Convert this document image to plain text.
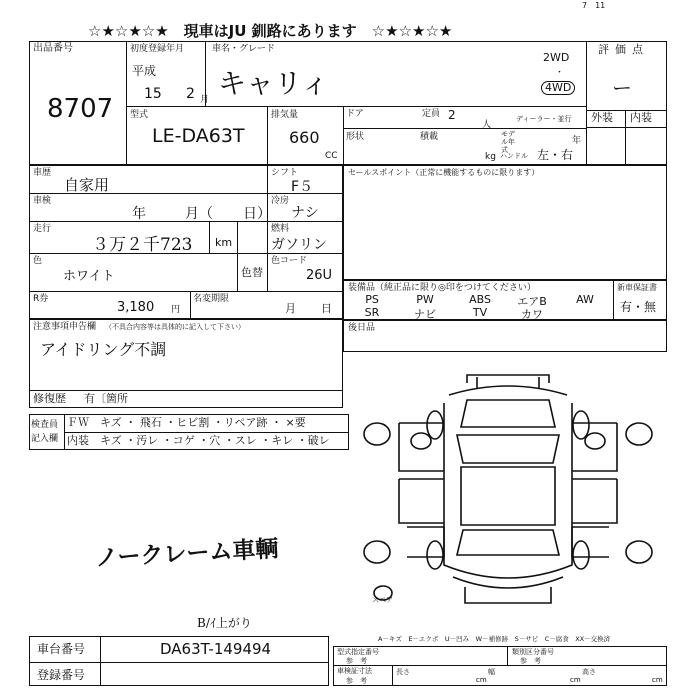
☆★☆★☆★　現車はJU 釧路にあります　☆★☆★☆★
7　11
出品番号
8707
初度登録年月
平成
15 2 月
車名・グレード
キャリィ
2WD
・
4WD
評価点
ー
外装 内装
型式
LE-DA63T
排気量
660
CC
ドア	定員 2
人
ディーラー・並行
形状	積載
kg
モデル年式
年
ハンドル 左・右
車歴
自家用
シフト
F５
車検
年	月（ 日）
冷房
ナシ
走行
３万２千723 km
燃料
ガソリン
色
ホワイト	色替
色コード
26U
R券
3,180 円
名変期限
月 日
セールスポイント（正常に機能するものに限ります）
装備品（純正品に限り◎印をつけてください）
PS	PW	ABS	エアB	AW
SR	ナビ	TV	カワ
新車保証書
有・無
後日品
注意事項申告欄 （不具合内容等は具体的に記入して下さい）
アイドリング不調
修復歴 有〔箇所
検査員
記入欄
ＦＷ　キズ ・ 飛石 ・ヒビ割 ・リペア跡 ・ ×要
内装　キズ ・汚レ ・コゲ ・穴 ・スレ ・キレ ・破レ
ノークレーム車輌
B/ｲ上がり
スペア
A－キズ　E－エクボ　U－凹み　W－補修跡　S－サビ　C－腐食　XX－交換済
車台番号	DA63T-149494
登録番号
型式指定番号
参　考
類別区分番号
参　考
車検証寸法
参　考
長さ
cm
幅
cm
高さ
cm
